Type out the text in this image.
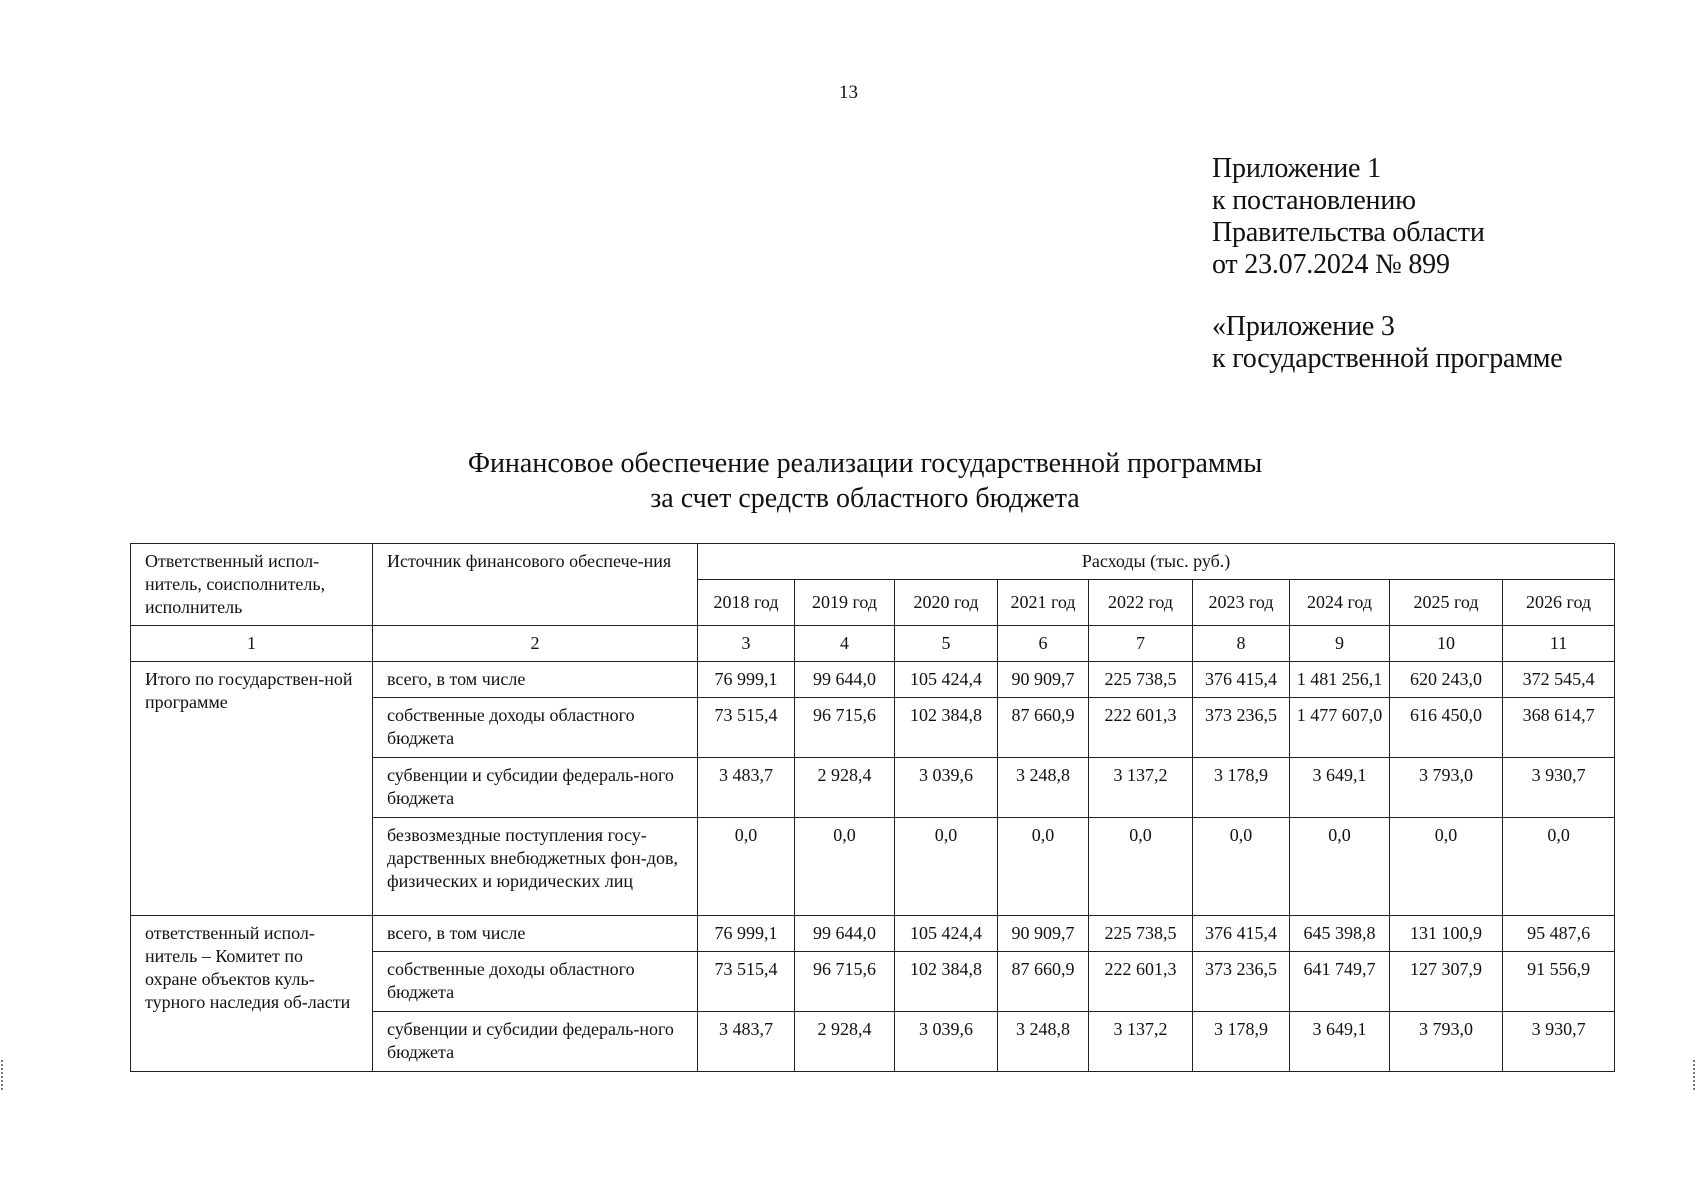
13
Приложение 1
к постановлению
Правительства области
от 23.07.2024 № 899
«Приложение 3
к государственной программе
Финансовое обеспечение реализации государственной программы
за счет средств областного бюджета
Ответственный испол-нитель, соисполнитель, исполнитель	Источник финансового обеспече-ния	Расходы (тыс. руб.)								
		2018 год	2019 год	2020 год	2021 год	2022 год	2023 год	2024 год	2025 год	2026 год
1	2	3	4	5	6	7	8	9	10	11
Итого по государствен-ной программе	всего, в том числе	76 999,1	99 644,0	105 424,4	90 909,7	225 738,5	376 415,4	1 481 256,1	620 243,0	372 545,4
	собственные доходы областного бюджета	73 515,4	96 715,6	102 384,8	87 660,9	222 601,3	373 236,5	1 477 607,0	616 450,0	368 614,7
	субвенции и субсидии федераль-ного бюджета	3 483,7	2 928,4	3 039,6	3 248,8	3 137,2	3 178,9	3 649,1	3 793,0	3 930,7
	безвозмездные поступления госу-дарственных внебюджетных фон-дов, физических и юридических лиц	0,0	0,0	0,0	0,0	0,0	0,0	0,0	0,0	0,0
ответственный испол-нитель – Комитет по охране объектов куль-турного наследия об-ласти	всего, в том числе	76 999,1	99 644,0	105 424,4	90 909,7	225 738,5	376 415,4	645 398,8	131 100,9	95 487,6
	собственные доходы областного бюджета	73 515,4	96 715,6	102 384,8	87 660,9	222 601,3	373 236,5	641 749,7	127 307,9	91 556,9
	субвенции и субсидии федераль-ного бюджета	3 483,7	2 928,4	3 039,6	3 248,8	3 137,2	3 178,9	3 649,1	3 793,0	3 930,7
